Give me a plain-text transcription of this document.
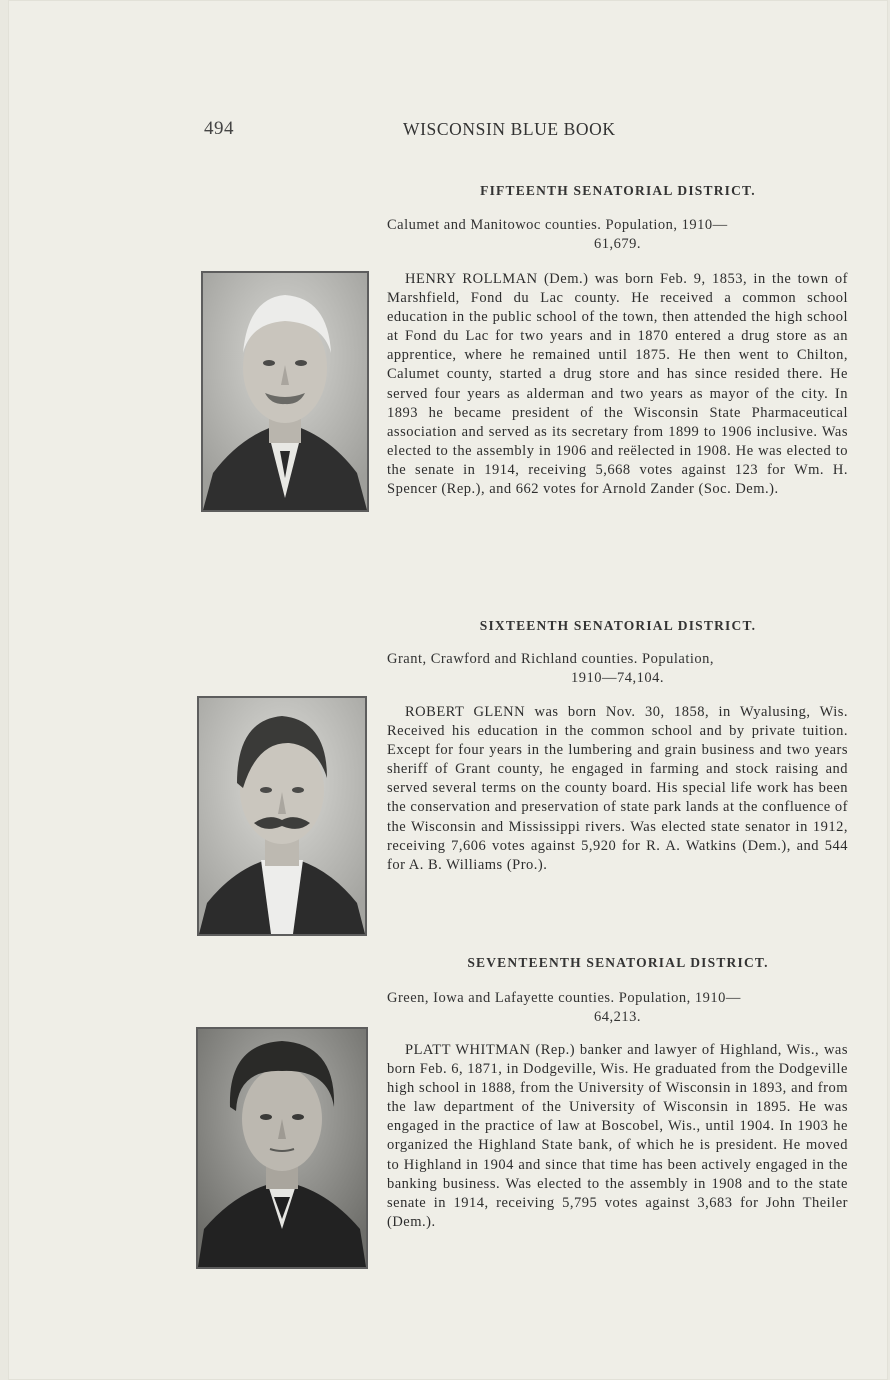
494	WISCONSIN BLUE BOOK
FIFTEENTH SENATORIAL DISTRICT.

Calumet and Manitowoc counties. Population, 1910—
61,679.

HENRY ROLLMAN (Dem.) was born Feb. 9, 1853, in the town of Marshfield, Fond du Lac county. He received a common school education in the public school of the town, then attended the high school at Fond du Lac for two years and in 1870 entered a drug store as an apprentice, where he remained until 1875. He then went to Chilton, Calumet county, started a drug store and has since resided there. He served four years as alderman and two years as mayor of the city. In 1893 he became president of the Wisconsin State Pharmaceutical association and served as its secretary from 1899 to 1906 inclusive. Was elected to the assembly in 1906 and reëlected in 1908. He was elected to the senate in 1914, receiving 5,668 votes against 123 for Wm. H. Spencer (Rep.), and 662 votes for Arnold Zander (Soc. Dem.).

SIXTEENTH SENATORIAL DISTRICT.

Grant, Crawford and Richland counties. Population,
1910—74,104.

ROBERT GLENN was born Nov. 30, 1858, in Wyalusing, Wis. Received his education in the common school and by private tuition. Except for four years in the lumbering and grain business and two years sheriff of Grant county, he engaged in farming and stock raising and served several terms on the county board. His special life work has been the conservation and preservation of state park lands at the confluence of the Wisconsin and Mississippi rivers. Was elected state senator in 1912, receiving 7,606 votes against 5,920 for R. A. Watkins (Dem.), and 544 for A. B. Williams (Pro.).

SEVENTEENTH SENATORIAL DISTRICT.

Green, Iowa and Lafayette counties. Population, 1910—
64,213.

PLATT WHITMAN (Rep.) banker and lawyer of Highland, Wis., was born Feb. 6, 1871, in Dodgeville, Wis. He graduated from the Dodgeville high school in 1888, from the University of Wisconsin in 1893, and from the law department of the University of Wisconsin in 1895. He was engaged in the practice of law at Boscobel, Wis., until 1904. In 1903 he organized the Highland State bank, of which he is president. He moved to Highland in 1904 and since that time has been actively engaged in the banking business. Was elected to the assembly in 1908 and to the state senate in 1914, receiving 5,795 votes against 3,683 for John Theiler (Dem.).
